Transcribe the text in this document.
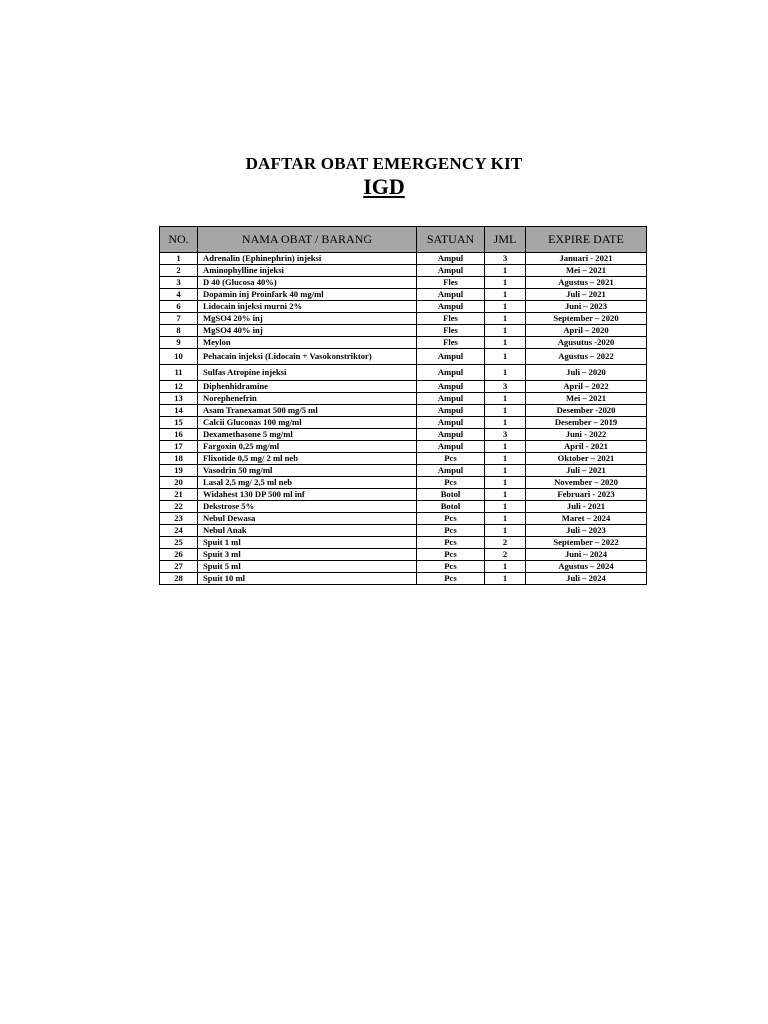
DAFTAR OBAT EMERGENCY KIT
IGD
NO.	NAMA OBAT / BARANG	SATUAN	JML	EXPIRE DATE
1	Adrenalin (Ephinephrin) injeksi	Ampul	3	Januari - 2021
2	Aminophylline injeksi	Ampul	1	Mei – 2021
3	D 40 (Glucosa 40%)	Fles	1	Agustus – 2021
4	Dopamin inj Proinfark 40 mg/ml	Ampul	1	Juli – 2021
6	Lidocain injeksi murni 2%	Ampul	1	Juni – 2023
7	MgSO4 20% inj	Fles	1	September – 2020
8	MgSO4 40% inj	Fles	1	April – 2020
9	Meylon	Fles	1	Agusutus -2020
10	Pehacain injeksi (Lidocain + Vasokonstriktor)	Ampul	1	Agustus – 2022
11	Sulfas Atropine injeksi	Ampul	1	Juli – 2020
12	Diphenhidramine	Ampul	3	April – 2022
13	Norephenefrin	Ampul	1	Mei – 2021
14	Asam Tranexamat 500 mg/5 ml	Ampul	1	Desember -2020
15	Calcii Gluconas 100 mg/ml	Ampul	1	Desember – 2019
16	Dexamethasone 5 mg/ml	Ampul	3	Juni - 2022
17	Fargoxin 0,25 mg/ml	Ampul	1	April - 2021
18	Flixotide 0,5 mg/ 2 ml neb	Pcs	1	Oktober – 2021
19	Vasodrin 50 mg/ml	Ampul	1	Juli – 2021
20	Lasal 2,5 mg/ 2,5 ml neb	Pcs	1	November – 2020
21	Widahest 130 DP 500 ml inf	Botol	1	Februari - 2023
22	Dekstrose 5%	Botol	1	Juli - 2021
23	Nebul Dewasa	Pcs	1	Maret – 2024
24	Nebul Anak	Pcs	1	Juli – 2023
25	Spuit 1 ml	Pcs	2	September – 2022
26	Spuit 3 ml	Pcs	2	Juni – 2024
27	Spuit 5 ml	Pcs	1	Agustus – 2024
28	Spuit 10 ml	Pcs	1	Juli – 2024
